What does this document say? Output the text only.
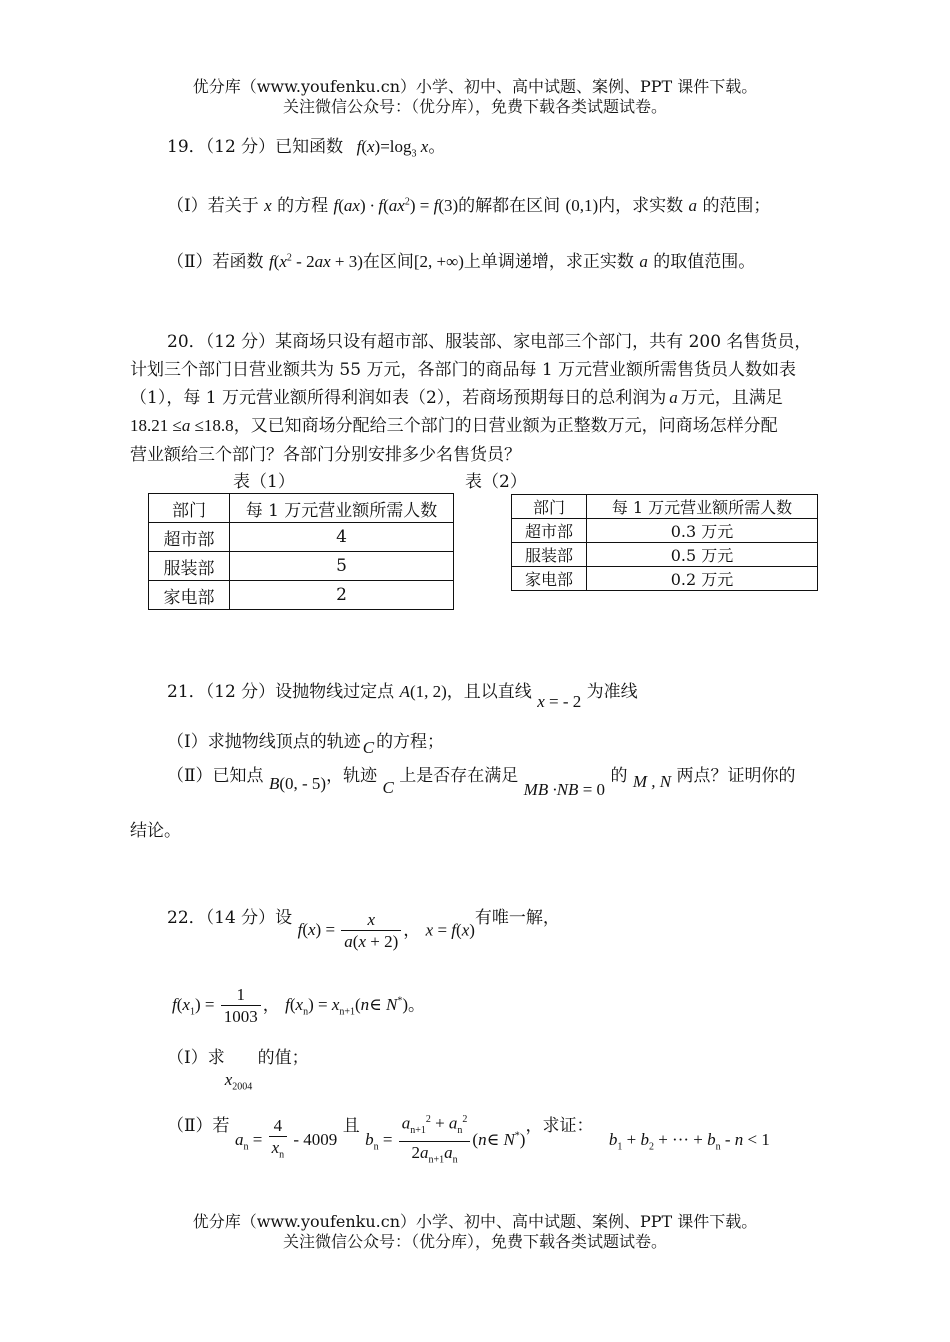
优分库（www.youfenku.cn）小学、初中、高中试题、案例、PPT 课件下载。
关注微信公众号：（优分库），免费下载各类试题试卷。
19．（12 分）已知函数 $f(x)=\log_3$ x。
（Ⅰ）若关于 x 的方程 $f(ax) \cdot f(ax^2) = f(3)$的解都在区间 (0,1)内，求实数 a 的范围；
（Ⅱ）若函数 $f(x^2 - 2ax + 3)$在区间[2, +∞)上单调递增，求正实数 a 的取值范围。
20．（12 分）某商场只设有超市部、服装部、家电部三个部门，共有 200 名售货员，
计划三个部门日营业额共为 55 万元，各部门的商品每 1 万元营业额所需售货员人数如表
（1），每 1 万元营业额所得利润如表（2），若商场预期每日的总利润为 a 万元，且满足
18.21 ≤a ≤18.8，又已知商场分配给三个部门的日营业额为正整数万元，问商场怎样分配
营业额给三个部门？各部门分别安排多少名售货员？
表（1）	表（2）
部门	每 1 万元营业额所需人数
超市部	4
服装部	5
家电部	2
部门	每 1 万元营业额所需人数
超市部	0.3 万元
服装部	0.5 万元
家电部	0.2 万元
21．（12 分）设抛物线过定点 A(1, 2)，且以直线 x = - 2 为准线
（Ⅰ）求抛物线顶点的轨迹 C 的方程；
（Ⅱ）已知点 B(0, - 5)，轨迹 C 上是否存在满足 MB ·NB = 0 的 M , N 两点？证明你的
结论。
22．（14 分）设 $f(x) = \frac{x}{a(x + 2)}$ ， x = f(x)有唯一解，
$f(x_1) = \frac{1}{1003}$ ， $f(x_n)$ = $x_{n+1}(n\in$ N*)。
（Ⅰ）求$x_{2004}$ 的值；
（Ⅱ）若 $a_n = \frac{4}{x_n} - 4009$ 且 $b_n = \frac{a_{n+1}^2 + a_n^2}{2a_{n+1}a_n}$ (n∈ N*)，求证： $b_1 + b_2$ + ··· + $b_n - n < 1$
优分库（www.youfenku.cn）小学、初中、高中试题、案例、PPT 课件下载。
关注微信公众号：（优分库），免费下载各类试题试卷。
